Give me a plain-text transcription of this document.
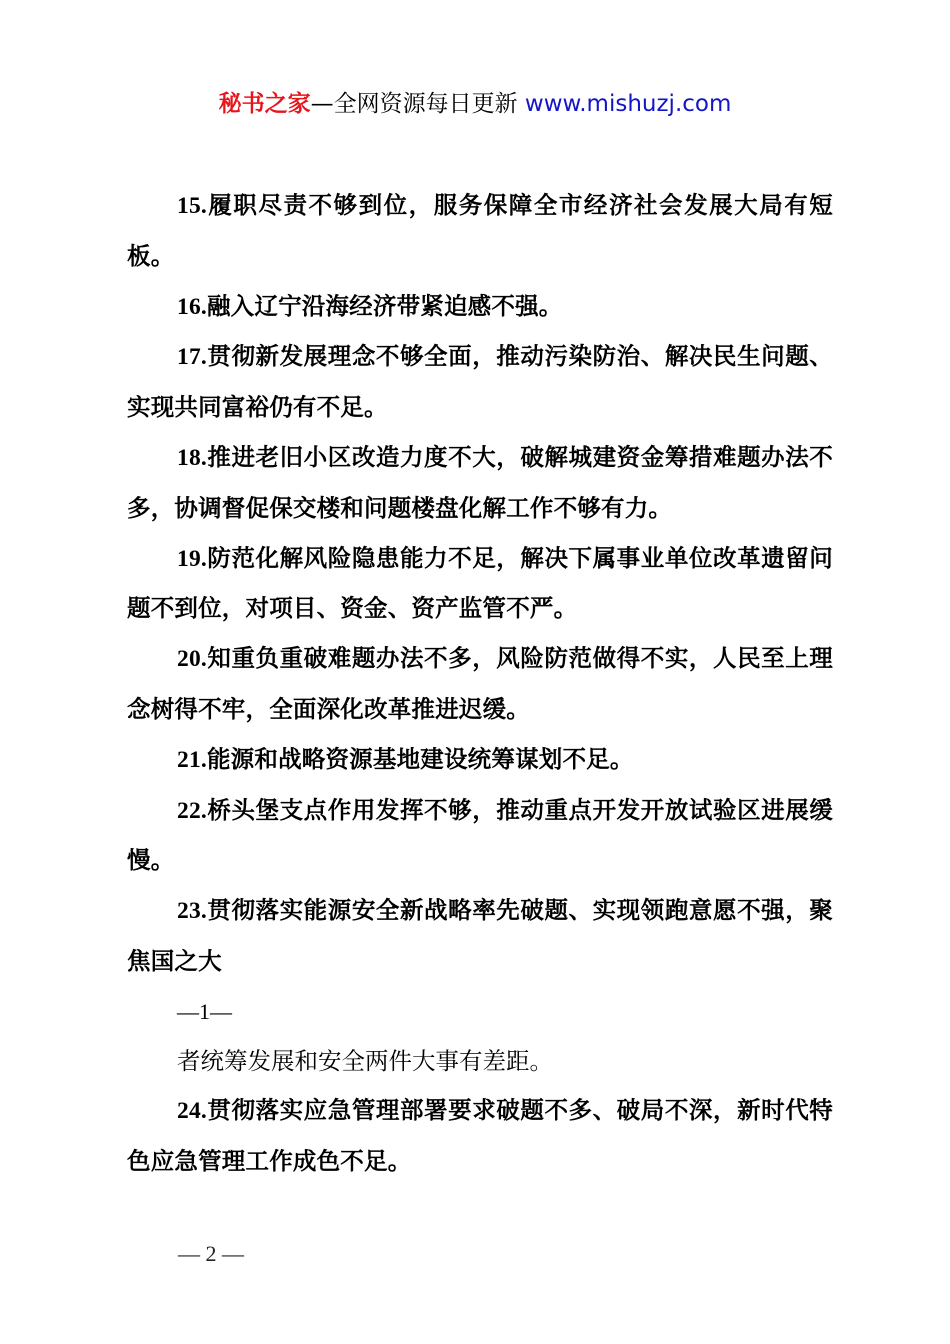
秘书之家—全网资源每日更新 www.mishuzj.com

15.履职尽责不够到位，服务保障全市经济社会发展大局有短板。

16.融入辽宁沿海经济带紧迫感不强。

17.贯彻新发展理念不够全面，推动污染防治、解决民生问题、实现共同富裕仍有不足。

18.推进老旧小区改造力度不大，破解城建资金筹措难题办法不多，协调督促保交楼和问题楼盘化解工作不够有力。

19.防范化解风险隐患能力不足，解决下属事业单位改革遗留问题不到位，对项目、资金、资产监管不严。

20.知重负重破难题办法不多，风险防范做得不实，人民至上理念树得不牢，全面深化改革推进迟缓。

21.能源和战略资源基地建设统筹谋划不足。

22.桥头堡支点作用发挥不够，推动重点开发开放试验区进展缓慢。

23.贯彻落实能源安全新战略率先破题、实现领跑意愿不强，聚焦国之大

—1—

者统筹发展和安全两件大事有差距。

24.贯彻落实应急管理部署要求破题不多、破局不深，新时代特色应急管理工作成色不足。

— 2 —
